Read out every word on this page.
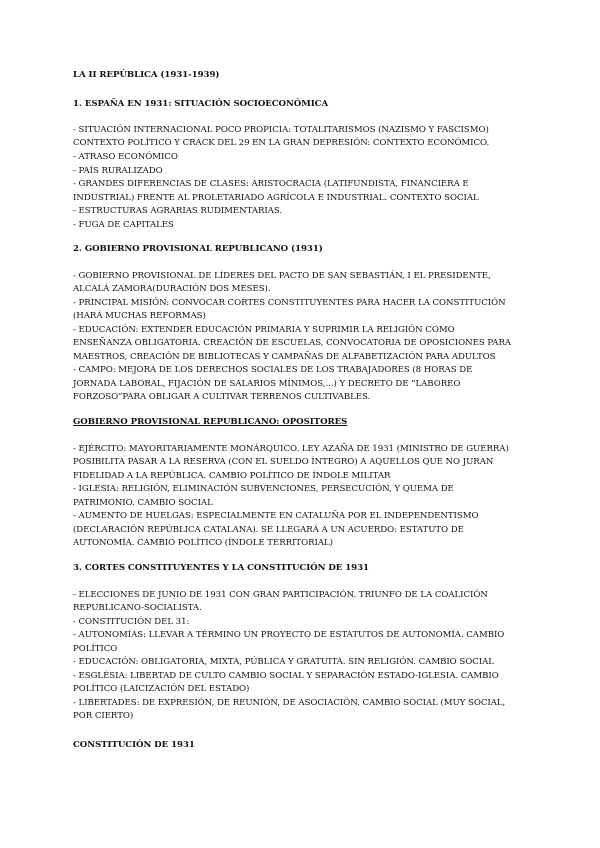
LA II REPÚBLICA (1931-1939)

1. ESPAÑA EN 1931: SITUACIÓN SOCIOECONÓMICA

- SITUACIÓN INTERNACIONAL POCO PROPICIA: TOTALITARISMOS (NAZISMO Y FASCISMO)

CONTEXTO POLÍTICO Y CRACK DEL 29 EN LA GRAN DEPRESIÓN: CONTEXTO ECONÓMICO.

- ATRASO ECONÓMICO

- PAÍS RURALIZADO

- GRANDES DIFERENCIAS DE CLASES: ARISTOCRACIA (LATIFUNDISTA, FINANCIERA E

INDUSTRIAL) FRENTE AL PROLETARIADO AGRÍCOLA E INDUSTRIAL. CONTEXTO SOCIAL

- ESTRUCTURAS AGRARIAS RUDIMENTARIAS.

- FUGA DE CAPITALES

2. GOBIERNO PROVISIONAL REPUBLICANO (1931)

- GOBIERNO PROVISIONAL DE LÍDERES DEL PACTO DE SAN SEBASTIÁN, I EL PRESIDENTE,

ALCALÁ ZAMORA(DURACIÓN DOS MESES).

- PRINCIPAL MISIÓN: CONVOCAR CORTES CONSTITUYENTES PARA HACER LA CONSTITUCIÓN

(HARÁ MUCHAS REFORMAS)

- EDUCACIÓN: EXTENDER EDUCACIÓN PRIMARIA Y SUPRIMIR LA RELIGIÓN COMO

ENSEÑANZA OBLIGATORIA. CREACIÓN DE ESCUELAS, CONVOCATORIA DE OPOSICIONES PARA

MAESTROS, CREACIÓN DE BIBLIOTECAS Y CAMPAÑAS DE ALFABETIZACIÓN PARA ADULTOS

- CAMPO: MEJORA DE LOS DERECHOS SOCIALES DE LOS TRABAJADORES (8 HORAS DE

JORNADA LABORAL, FIJACIÓN DE SALARIOS MÍNIMOS,...) Y DECRETO DE “LABOREO

FORZOSO”PARA OBLIGAR A CULTIVAR TERRENOS CULTIVABLES.

GOBIERNO PROVISIONAL REPUBLICANO: OPOSITORES

- EJÉRCITO: MAYORITARIAMENTE MONÁRQUICO. LEY AZAÑA DE 1931 (MINISTRO DE GUERRA)

POSIBILITA PASAR A LA RESERVA (CON EL SUELDO ÍNTEGRO) A AQUELLOS QUE NO JURAN

FIDELIDAD A LA REPÚBLICA. CAMBIO POLÍTICO DE ÍNDOLE MILITAR

- IGLESIA: RELIGIÓN, ELIMINACIÓN SUBVENCIONES, PERSECUCIÓN, Y QUEMA DE

PATRIMONIO. CAMBIO SOCIAL

- AUMENTO DE HUELGAS: ESPECIALMENTE EN CATALUÑA POR EL INDEPENDENTISMO

(DECLARACIÓN REPÚBLICA CATALANA). SE LLEGARÁ A UN ACUERDO: ESTATUTO DE

AUTONOMÍA. CAMBIO POLÍTICO (ÍNDOLE TERRITORIAL)

3. CORTES CONSTITUYENTES Y LA CONSTITUCIÓN DE 1931

- ELECCIONES DE JUNIO DE 1931 CON GRAN PARTICIPACIÓN. TRIUNFO DE LA COALICIÓN

REPUBLICANO-SOCIALISTA.

- CONSTITUCIÓN DEL 31:

- AUTONOMÍAS: LLEVAR A TÉRMINO UN PROYECTO DE ESTATUTOS DE AUTONOMÍA. CAMBIO

POLÍTICO

- EDUCACIÓN: OBLIGATORIA, MIXTA, PÚBLICA Y GRATUITA. SIN RELIGIÓN. CAMBIO SOCIAL

- ESGLÉSIA: LIBERTAD DE CULTO CAMBIO SOCIAL Y SEPARACIÓN ESTADO-IGLESIA. CAMBIO

POLÍTICO (LAICIZACIÓN DEL ESTADO)

- LIBERTADES: DE EXPRESIÓN, DE REUNIÓN, DE ASOCIACIÓN. CAMBIO SOCIAL (MUY SOCIAL,

POR CIERTO)

CONSTITUCIÓN DE 1931
